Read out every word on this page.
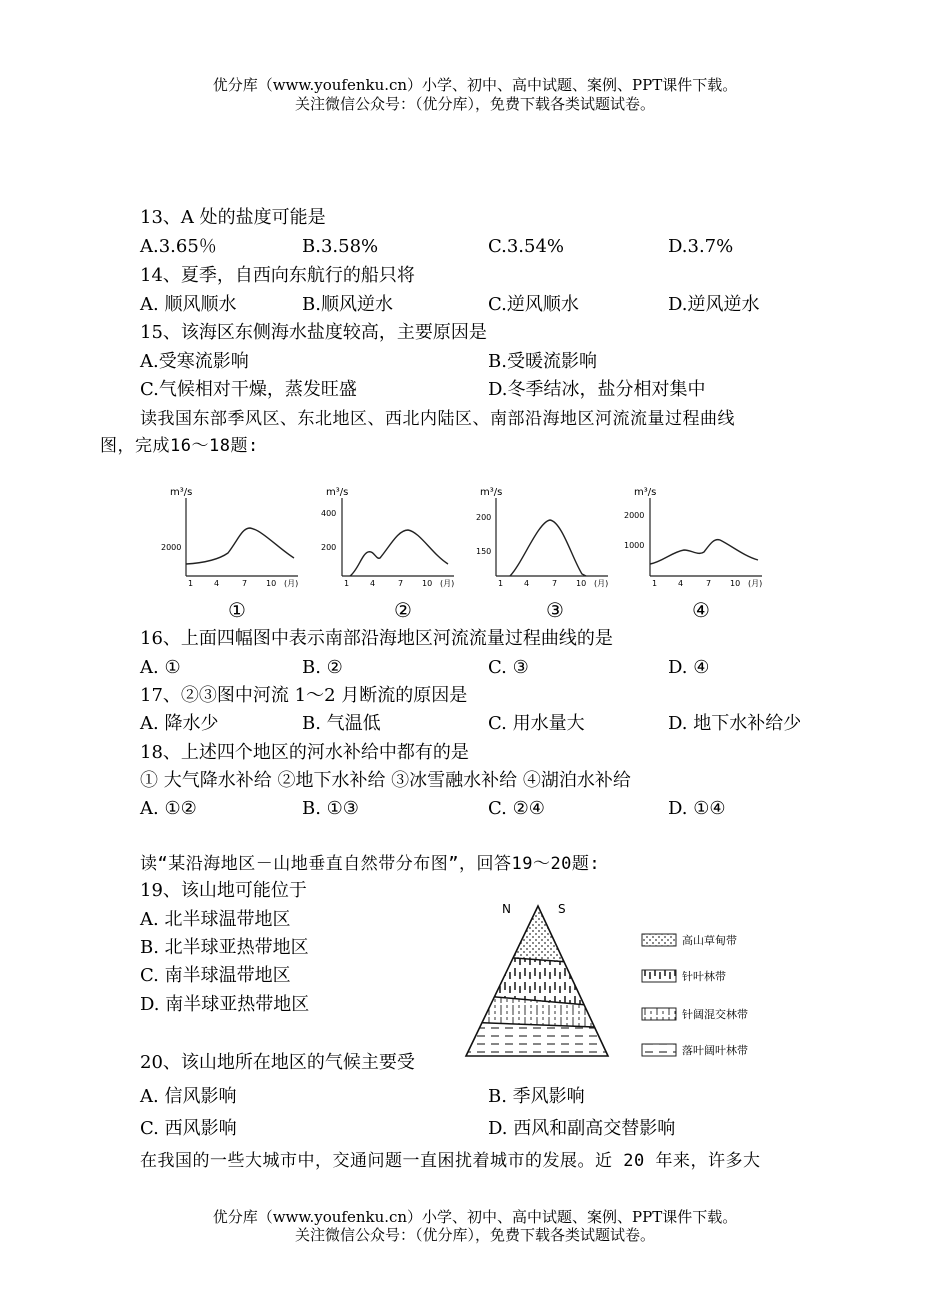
优分库（www.youfenku.cn）小学、初中、高中试题、案例、PPT课件下载。
关注微信公众号：（优分库），免费下载各类试题试卷。
13、A 处的盐度可能是
A.3.65％	B.3.58%	C.3.54%	D.3.7%
14、夏季，自西向东航行的船只将
A. 顺风顺水	B.顺风逆水	C.逆风顺水	D.逆风逆水
15、该海区东侧海水盐度较高，主要原因是
A.受寒流影响	B.受暖流影响
C.气候相对干燥，蒸发旺盛	D.冬季结冰，盐分相对集中
读我国东部季风区、东北地区、西北内陆区、南部沿海地区河流流量过程曲线
图，完成16～18题:
m³/s
2000
1	4	7 10 (月)
①
m³/s
400
200
1	4	7 10 (月)
②
m³/s
200
150
1	4	7 10 (月)
③
m³/s
2000
1000
1	4	7 10 (月)
④
16、上面四幅图中表示南部沿海地区河流流量过程曲线的是
A. ①	B. ②	C. ③	D. ④
17、②③图中河流 1～2 月断流的原因是
A. 降水少	B. 气温低	C. 用水量大	D. 地下水补给少
18、上述四个地区的河水补给中都有的是
① 大气降水补给 ②地下水补给 ③冰雪融水补给 ④湖泊水补给
A. ①②	B. ①③	C. ②④	D. ①④
读“某沿海地区－山地垂直自然带分布图”，回答19～20题:
19、该山地可能位于
A. 北半球温带地区
B. 北半球亚热带地区
C. 南半球温带地区
D. 南半球亚热带地区
N	S
高山草甸带
针叶林带
针阔混交林带
落叶阔叶林带
20、该山地所在地区的气候主要受
A. 信风影响	B. 季风影响
C. 西风影响	D. 西风和副高交替影响
在我国的一些大城市中，交通问题一直困扰着城市的发展。近 20 年来，许多大
优分库（www.youfenku.cn）小学、初中、高中试题、案例、PPT课件下载。
关注微信公众号：（优分库），免费下载各类试题试卷。
